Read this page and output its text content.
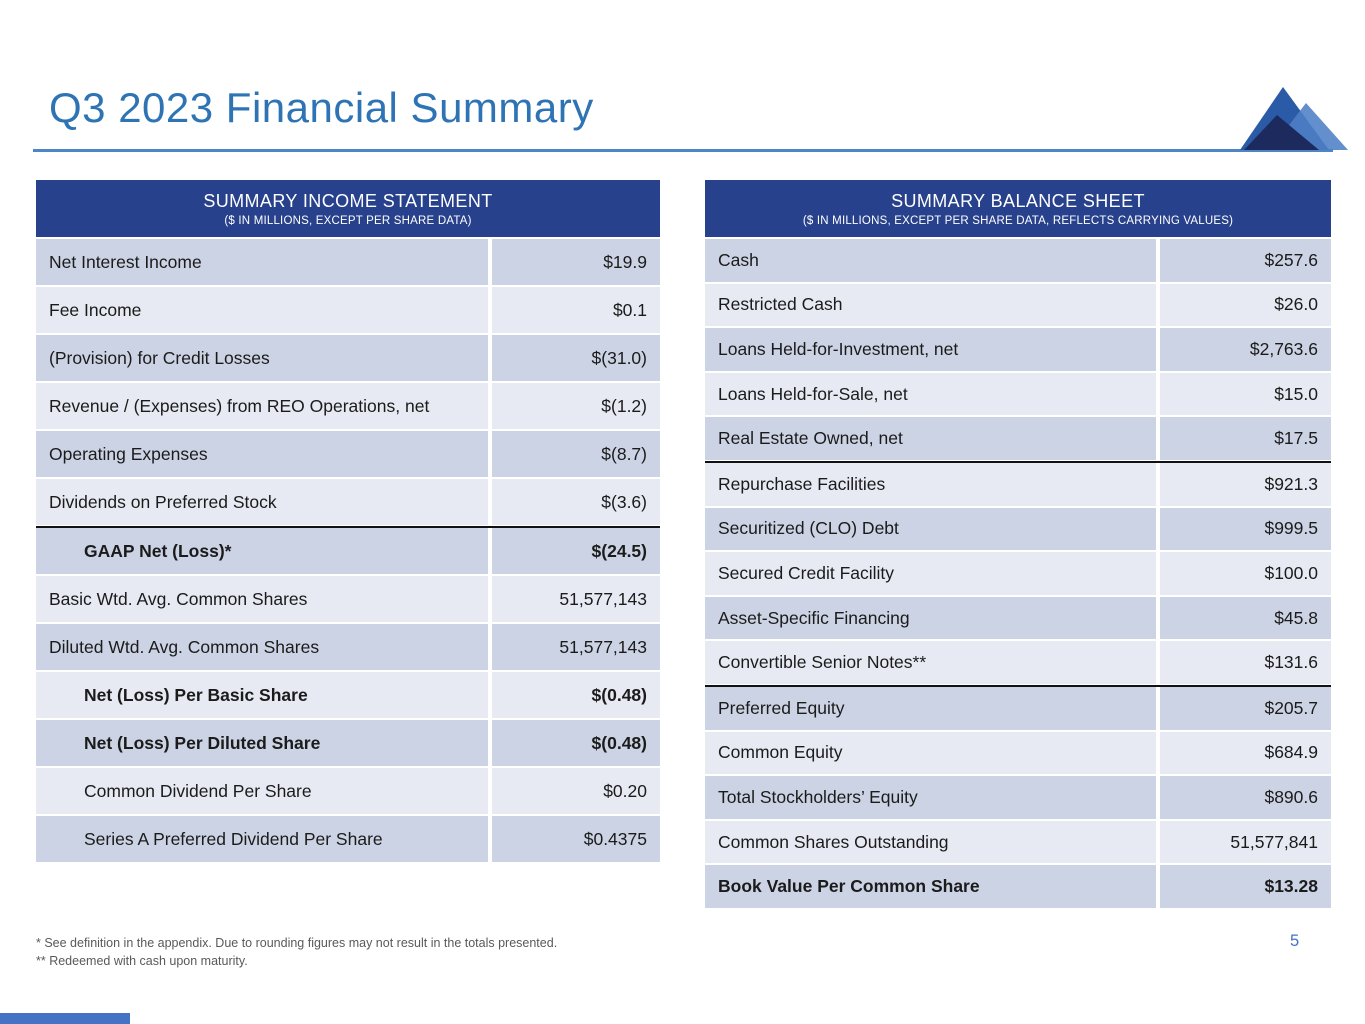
Q3 2023 Financial Summary
SUMMARY INCOME STATEMENT
($ IN MILLIONS, EXCEPT PER SHARE DATA)
Net Interest Income	$19.9
Fee Income	$0.1
(Provision) for Credit Losses	$(31.0)
Revenue / (Expenses) from REO Operations, net	$(1.2)
Operating Expenses	$(8.7)
Dividends on Preferred Stock	$(3.6)
GAAP Net (Loss)*	$(24.5)
Basic Wtd. Avg. Common Shares	51,577,143
Diluted Wtd. Avg. Common Shares	51,577,143
Net (Loss) Per Basic Share	$(0.48)
Net (Loss) Per Diluted Share	$(0.48)
Common Dividend Per Share	$0.20
Series A Preferred Dividend Per Share	$0.4375
SUMMARY BALANCE SHEET
($ IN MILLIONS, EXCEPT PER SHARE DATA, REFLECTS CARRYING VALUES)
Cash	$257.6
Restricted Cash	$26.0
Loans Held-for-Investment, net	$2,763.6
Loans Held-for-Sale, net	$15.0
Real Estate Owned, net	$17.5
Repurchase Facilities	$921.3
Securitized (CLO) Debt	$999.5
Secured Credit Facility	$100.0
Asset-Specific Financing	$45.8
Convertible Senior Notes**	$131.6
Preferred Equity	$205.7
Common Equity	$684.9
Total Stockholders’ Equity	$890.6
Common Shares Outstanding	51,577,841
Book Value Per Common Share	$13.28
* See definition in the appendix. Due to rounding figures may not result in the totals presented.
** Redeemed with cash upon maturity.
5
